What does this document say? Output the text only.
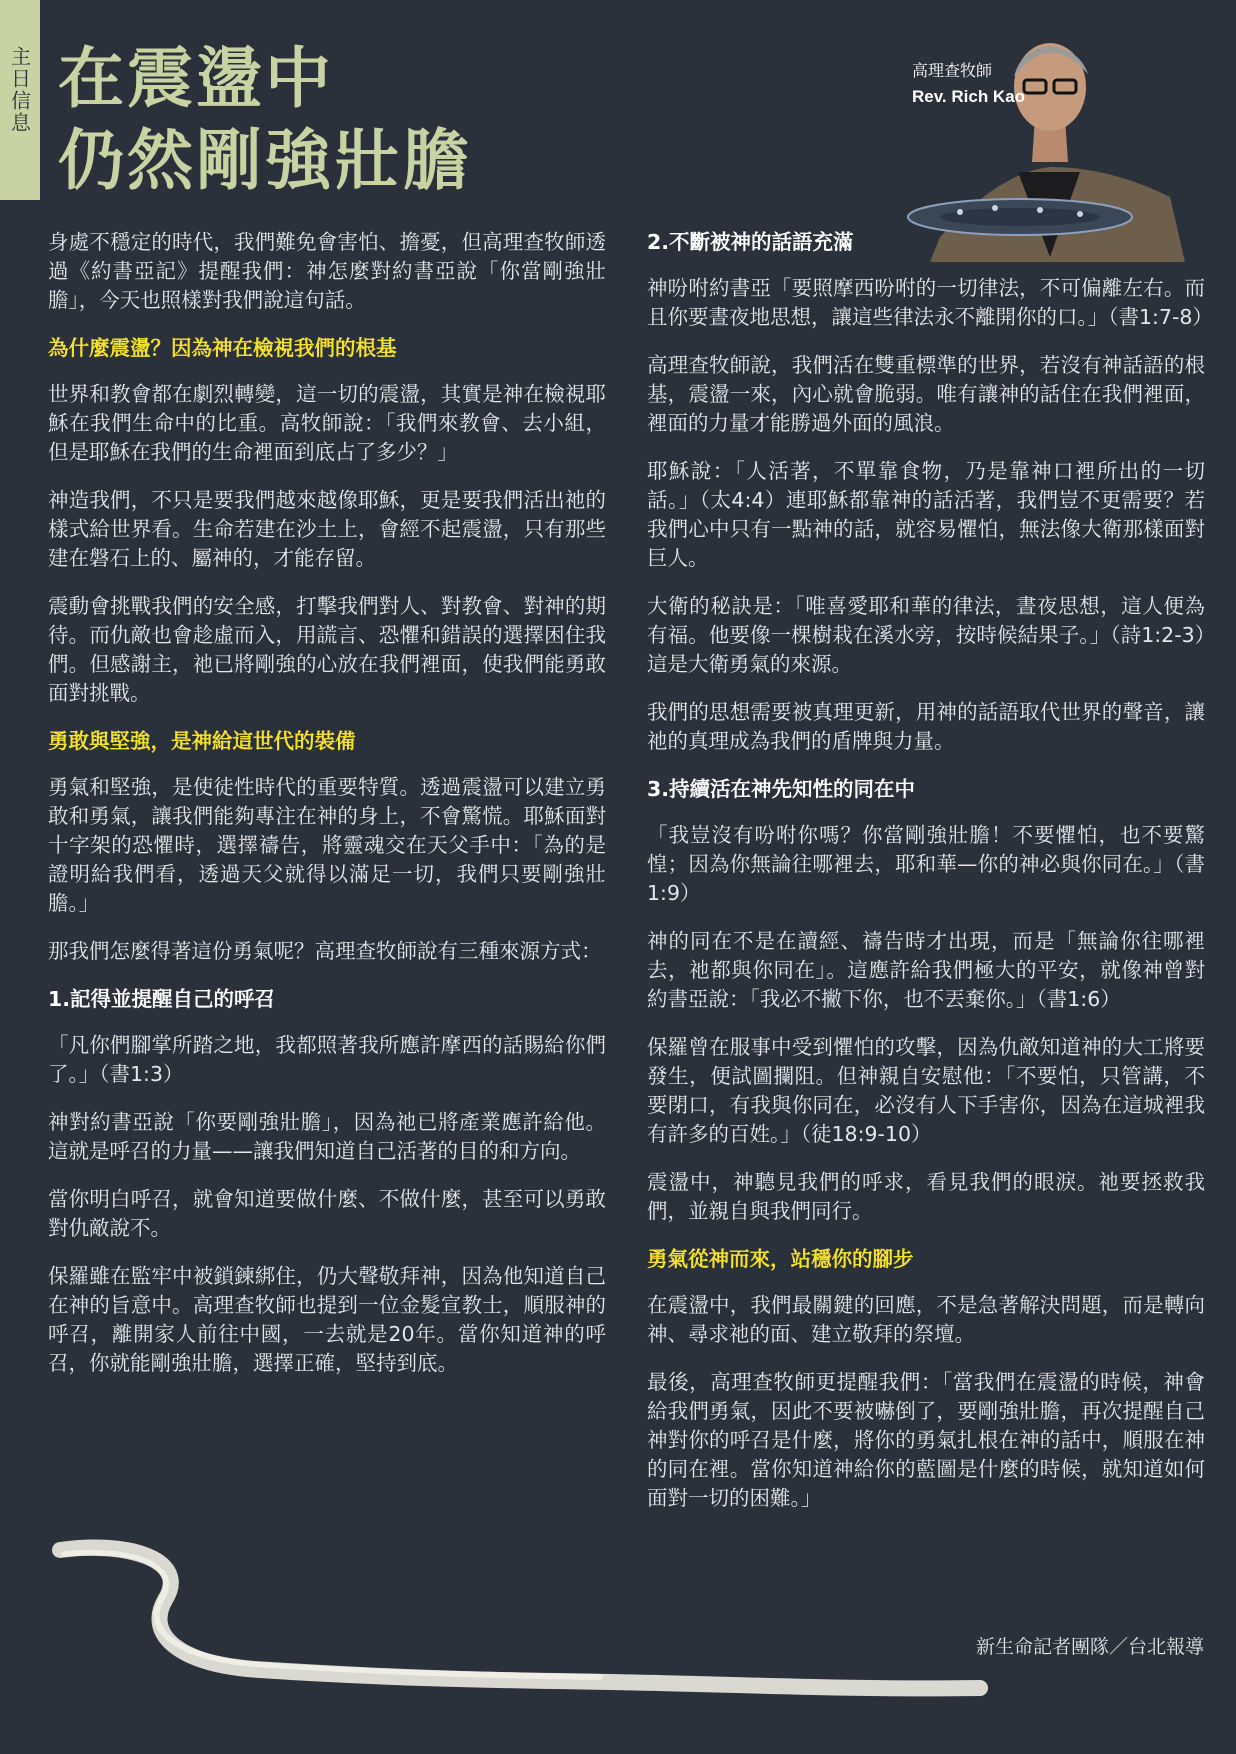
主日信息 在震盪中
仍然剛強壯膽
高理查牧師
Rev. Rich Kao

身處不穩定的時代，我們難免會害怕、擔憂，但高理查牧師透過《約書亞記》提醒我們：神怎麼對約書亞說「你當剛強壯膽」，今天也照樣對我們說這句話。

為什麼震盪？因為神在檢視我們的根基

世界和教會都在劇烈轉變，這一切的震盪，其實是神在檢視耶穌在我們生命中的比重。高牧師說：「我們來教會、去小組，但是耶穌在我們的生命裡面到底占了多少？」

神造我們，不只是要我們越來越像耶穌，更是要我們活出祂的樣式給世界看。生命若建在沙土上，會經不起震盪，只有那些建在磐石上的、屬神的，才能存留。

震動會挑戰我們的安全感，打擊我們對人、對教會、對神的期待。而仇敵也會趁虛而入，用謊言、恐懼和錯誤的選擇困住我們。但感謝主，祂已將剛強的心放在我們裡面，使我們能勇敢面對挑戰。

勇敢與堅強，是神給這世代的裝備

勇氣和堅強，是使徒性時代的重要特質。透過震盪可以建立勇敢和勇氣，讓我們能夠專注在神的身上，不會驚慌。耶穌面對十字架的恐懼時，選擇禱告，將靈魂交在天父手中：「為的是證明給我們看，透過天父就得以滿足一切，我們只要剛強壯膽。」

那我們怎麼得著這份勇氣呢？高理查牧師說有三種來源方式：

1.記得並提醒自己的呼召

「凡你們腳掌所踏之地，我都照著我所應許摩西的話賜給你們了。」（書1:3）

神對約書亞說「你要剛強壯膽」，因為祂已將產業應許給他。這就是呼召的力量——讓我們知道自己活著的目的和方向。

當你明白呼召，就會知道要做什麼、不做什麼，甚至可以勇敢對仇敵說不。

保羅雖在監牢中被鎖鍊綁住，仍大聲敬拜神，因為他知道自己在神的旨意中。高理查牧師也提到一位金髮宣教士，順服神的呼召，離開家人前往中國，一去就是20年。當你知道神的呼召，你就能剛強壯膽，選擇正確，堅持到底。

2.不斷被神的話語充滿

神吩咐約書亞「要照摩西吩咐的一切律法，不可偏離左右。而且你要晝夜地思想，讓這些律法永不離開你的口。」（書1:7-8）

高理查牧師說，我們活在雙重標準的世界，若沒有神話語的根基，震盪一來，內心就會脆弱。唯有讓神的話住在我們裡面，裡面的力量才能勝過外面的風浪。

耶穌說：「人活著，不單靠食物，乃是靠神口裡所出的一切話。」（太4:4）連耶穌都靠神的話活著，我們豈不更需要？若我們心中只有一點神的話，就容易懼怕，無法像大衛那樣面對巨人。

大衛的秘訣是：「唯喜愛耶和華的律法，晝夜思想，這人便為有福。他要像一棵樹栽在溪水旁，按時候結果子。」（詩1:2-3）這是大衛勇氣的來源。

我們的思想需要被真理更新，用神的話語取代世界的聲音，讓祂的真理成為我們的盾牌與力量。

3.持續活在神先知性的同在中

「我豈沒有吩咐你嗎？你當剛強壯膽！不要懼怕，也不要驚惶；因為你無論往哪裡去，耶和華—你的神必與你同在。」（書1:9）

神的同在不是在讀經、禱告時才出現，而是「無論你往哪裡去，祂都與你同在」。這應許給我們極大的平安，就像神曾對約書亞說：「我必不撇下你，也不丟棄你。」（書1:6）

保羅曾在服事中受到懼怕的攻擊，因為仇敵知道神的大工將要發生，便試圖攔阻。但神親自安慰他：「不要怕，只管講，不要閉口，有我與你同在，必沒有人下手害你，因為在這城裡我有許多的百姓。」（徒18:9-10）

震盪中，神聽見我們的呼求，看見我們的眼淚。祂要拯救我們，並親自與我們同行。

勇氣從神而來，站穩你的腳步

在震盪中，我們最關鍵的回應，不是急著解決問題，而是轉向神、尋求祂的面、建立敬拜的祭壇。

最後，高理查牧師更提醒我們：「當我們在震盪的時候，神會給我們勇氣，因此不要被嚇倒了，要剛強壯膽，再次提醒自己神對你的呼召是什麼，將你的勇氣扎根在神的話中，順服在神的同在裡。當你知道神給你的藍圖是什麼的時候，就知道如何面對一切的困難。」

新生命記者團隊／台北報導
